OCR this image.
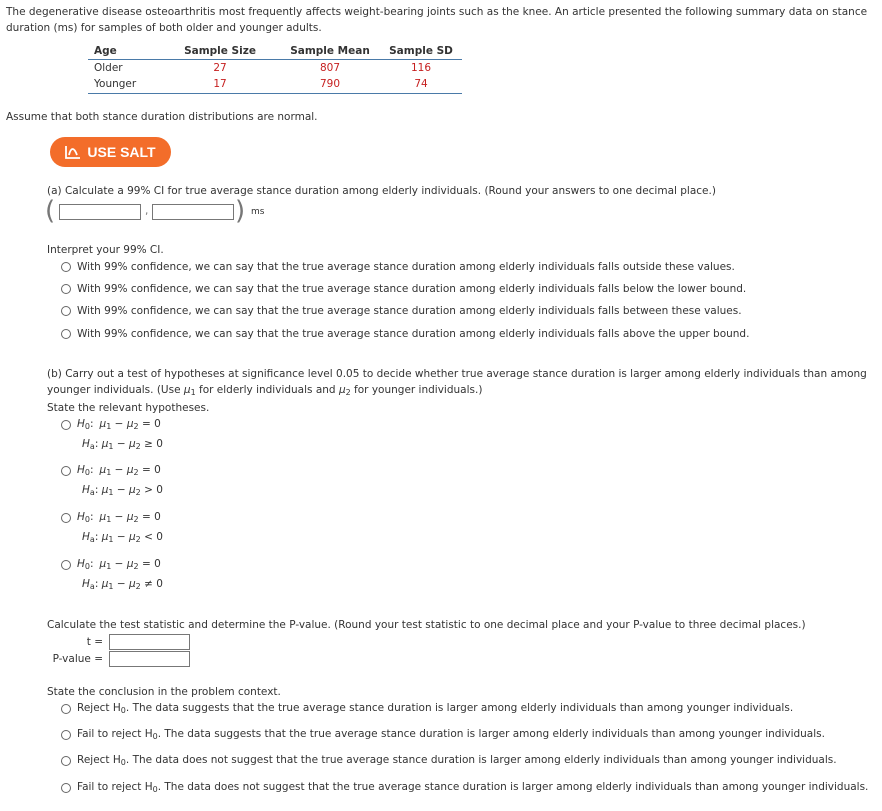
The degenerative disease osteoarthritis most frequently affects weight-bearing joints such as the knee. An article presented the following summary data on stance duration (ms) for samples of both older and younger adults.
Age	Sample Size	Sample Mean	Sample SD
Older	27	807	116
Younger	17	790	74
Assume that both stance duration distributions are normal.
USE SALT
(a) Calculate a 99% CI for true average stance duration among elderly individuals. (Round your answers to one decimal place.)
(	,	) ms
Interpret your 99% CI.
With 99% confidence, we can say that the true average stance duration among elderly individuals falls outside these values.
With 99% confidence, we can say that the true average stance duration among elderly individuals falls below the lower bound.
With 99% confidence, we can say that the true average stance duration among elderly individuals falls between these values.
With 99% confidence, we can say that the true average stance duration among elderly individuals falls above the upper bound.
(b) Carry out a test of hypotheses at significance level 0.05 to decide whether true average stance duration is larger among elderly individuals than among
younger individuals. (Use $\mu_1$ for elderly individuals and $\mu_2$ for younger individuals.)
State the relevant hypotheses.
$H_0$: $\mu_1 - \mu_2 = 0$
$H_a$: $\mu_1 - \mu_2 \ge 0$
$H_0$: $\mu_1 - \mu_2 = 0$
$H_a$: $\mu_1 - \mu_2 > 0$
$H_0$: $\mu_1 - \mu_2 = 0$
$H_a$: $\mu_1 - \mu_2 < 0$
$H_0$: $\mu_1 - \mu_2 = 0$
$H_a$: $\mu_1 - \mu_2 \ne 0$
Calculate the test statistic and determine the P-value. (Round your test statistic to one decimal place and your P-value to three decimal places.)
t =
P-value =
State the conclusion in the problem context.
Reject $H_0$. The data suggests that the true average stance duration is larger among elderly individuals than among younger individuals.
Fail to reject $H_0$. The data suggests that the true average stance duration is larger among elderly individuals than among younger individuals.
Reject $H_0$. The data does not suggest that the true average stance duration is larger among elderly individuals than among younger individuals.
Fail to reject $H_0$. The data does not suggest that the true average stance duration is larger among elderly individuals than among younger individuals.
